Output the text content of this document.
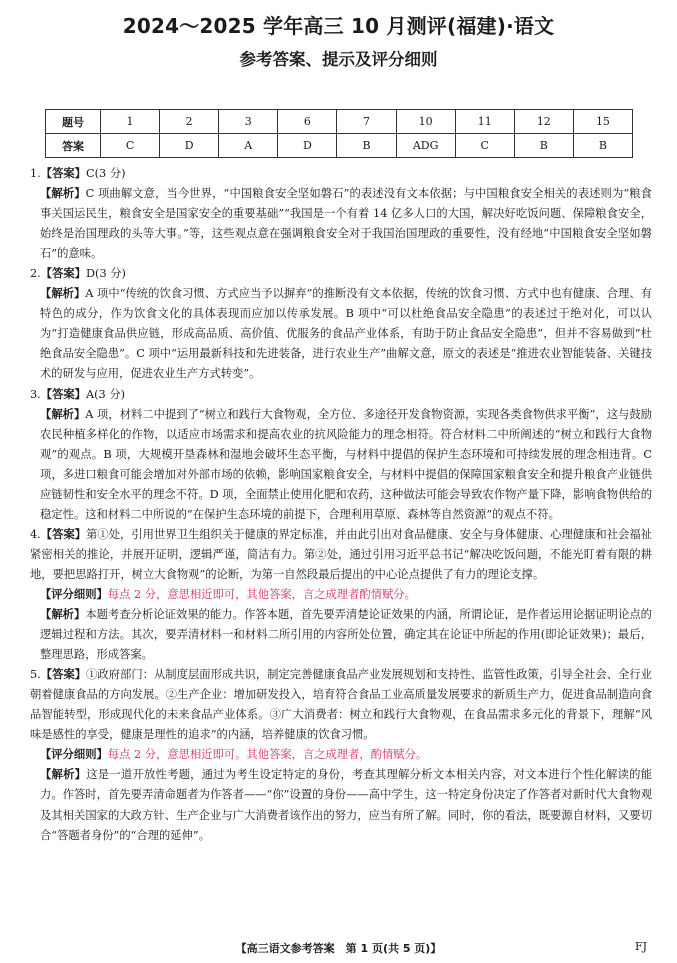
2024～2025 学年高三 10 月测评(福建)·语文
参考答案、提示及评分细则
题号	1	2	3	6	7	10	11	12	15
答案	C	D	A	D	B	ADG	C	B	B

1.【答案】C(3 分)

【解析】C 项曲解文意，当今世界，“中国粮食安全坚如磐石”的表述没有文本依据；与中国粮食安全相关的表述则为“粮食事关国运民生，粮食安全是国家安全的重要基础”“我国是一个有着 14 亿多人口的大国，解决好吃饭问题、保障粮食安全，始终是治国理政的头等大事。”等，这些观点意在强调粮食安全对于我国治国理政的重要性，没有经地“中国粮食安全坚如磐石”的意味。

2.【答案】D(3 分)

【解析】A 项中“传统的饮食习惯、方式应当予以摒弃”的推断没有文本依据，传统的饮食习惯、方式中也有健康、合理、有特色的成分，作为饮食文化的具体表现而应加以传承发展。B 项中“可以杜绝食品安全隐患”的表述过于绝对化，可以认为“打造健康食品供应链，形成高品质、高价值、优服务的食品产业体系，有助于防止食品安全隐患”，但并不容易做到“杜绝食品安全隐患”。C 项中“运用最新科技和先进装备，进行农业生产”曲解文意，原文的表述是“推进农业智能装备、关键技术的研发与应用，促进农业生产方式转变”。

3.【答案】A(3 分)

【解析】A 项，材料二中提到了“树立和践行大食物观，全方位、多途径开发食物资源，实现各类食物供求平衡”，这与鼓励农民种植多样化的作物，以适应市场需求和提高农业的抗风险能力的理念相符。符合材料二中所阐述的“树立和践行大食物观”的观点。B 项，大规模开垦森林和湿地会破坏生态平衡，与材料中提倡的保护生态环境和可持续发展的理念相违背。C 项，多进口粮食可能会增加对外部市场的依赖，影响国家粮食安全，与材料中提倡的保障国家粮食安全和提升粮食产业链供应链韧性和安全水平的理念不符。D 项，全面禁止使用化肥和农药，这种做法可能会导致农作物产量下降，影响食物供给的稳定性。这和材料二中所说的“在保护生态环境的前提下，合理利用草原、森林等自然资源”的观点不符。

4.【答案】第①处，引用世界卫生组织关于健康的界定标准，并由此引出对食品健康、安全与身体健康、心理健康和社会福祉紧密相关的推论，并展开证明，逻辑严谨，简洁有力。第②处，通过引用习近平总书记“解决吃饭问题，不能光盯着有限的耕地，要把思路打开，树立大食物观”的论断，为第一自然段最后提出的中心论点提供了有力的理论支撑。

【评分细则】每点 2 分，意思相近即可，其他答案，言之成理者酌情赋分。

【解析】本题考查分析论证效果的能力。作答本题，首先要弄清楚论证效果的内涵，所谓论证，是作者运用论据证明论点的逻辑过程和方法。其次，要弄清材料一和材料二所引用的内容所处位置，确定其在论证中所起的作用(即论证效果)；最后，整理思路，形成答案。

5.【答案】①政府部门：从制度层面形成共识，制定完善健康食品产业发展规划和支持性、监管性政策，引导全社会、全行业朝着健康食品的方向发展。②生产企业：增加研发投入，培育符合食品工业高质量发展要求的新质生产力，促进食品制造向食品智能转型，形成现代化的未来食品产业体系。③广大消费者：树立和践行大食物观，在食品需求多元化的背景下，理解“风味是感性的享受，健康是理性的追求”的内涵，培养健康的饮食习惯。

【评分细则】每点 2 分，意思相近即可。其他答案，言之成理者，酌情赋分。

【解析】这是一道开放性考题，通过为考生设定特定的身份，考查其理解分析文本相关内容，对文本进行个性化解读的能力。作答时，首先要弄清命题者为作答者——“你”设置的身份——高中学生，这一特定身份决定了作答者对新时代大食物观及其相关国家的大政方针、生产企业与广大消费者该作出的努力，应当有所了解。同时，你的看法，既要源自材料，又要切合“答题者身份”的“合理的延伸”。

【高三语文参考答案　第 1 页(共 5 页)】	FJ
